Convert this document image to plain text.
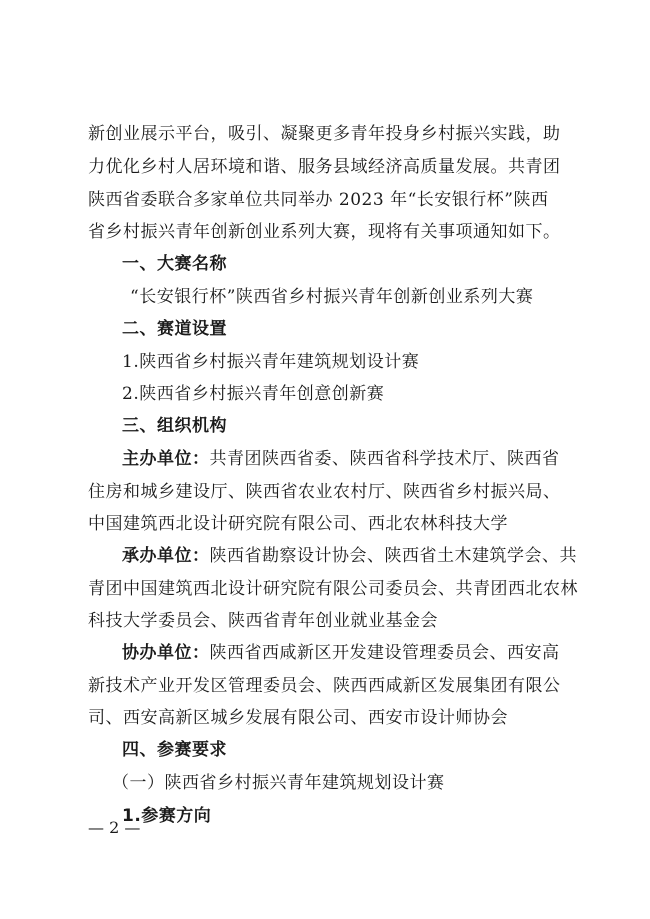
新创业展示平台，吸引、凝聚更多青年投身乡村振兴实践，助
力优化乡村人居环境和谐、服务县域经济高质量发展。共青团
陕西省委联合多家单位共同举办 2023 年“长安银行杯”陕西
省乡村振兴青年创新创业系列大赛，现将有关事项通知如下。
一、大赛名称
“长安银行杯”陕西省乡村振兴青年创新创业系列大赛
二、赛道设置
1.陕西省乡村振兴青年建筑规划设计赛
2.陕西省乡村振兴青年创意创新赛
三、组织机构
主办单位：共青团陕西省委、陕西省科学技术厅、陕西省
住房和城乡建设厅、陕西省农业农村厅、陕西省乡村振兴局、
中国建筑西北设计研究院有限公司、西北农林科技大学
承办单位：陕西省勘察设计协会、陕西省土木建筑学会、共
青团中国建筑西北设计研究院有限公司委员会、共青团西北农林
科技大学委员会、陕西省青年创业就业基金会
协办单位：陕西省西咸新区开发建设管理委员会、西安高
新技术产业开发区管理委员会、陕西西咸新区发展集团有限公
司、西安高新区城乡发展有限公司、西安市设计师协会
四、参赛要求
（一）陕西省乡村振兴青年建筑规划设计赛
1.参赛方向
— 2 —
